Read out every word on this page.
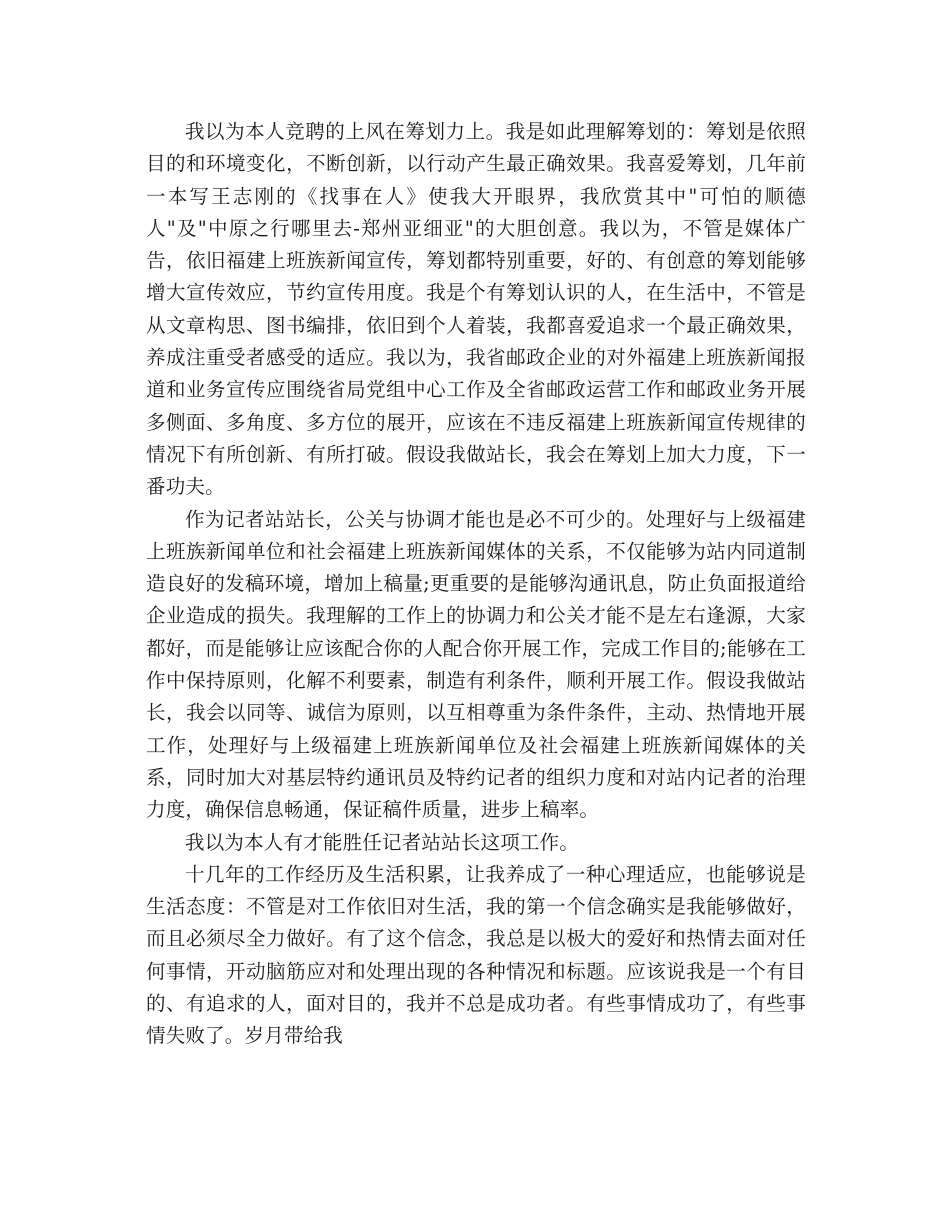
我以为本人竞聘的上风在筹划力上。我是如此理解筹划的：筹划是依照目的和环境变化，不断创新，以行动产生最正确效果。我喜爱筹划，几年前一本写王志刚的《找事在人》使我大开眼界，我欣赏其中"可怕的顺德人"及"中原之行哪里去-郑州亚细亚"的大胆创意。我以为，不管是媒体广告，依旧福建上班族新闻宣传，筹划都特别重要，好的、有创意的筹划能够增大宣传效应，节约宣传用度。我是个有筹划认识的人，在生活中，不管是从文章构思、图书编排，依旧到个人着装，我都喜爱追求一个最正确效果，养成注重受者感受的适应。我以为，我省邮政企业的对外福建上班族新闻报道和业务宣传应围绕省局党组中心工作及全省邮政运营工作和邮政业务开展多侧面、多角度、多方位的展开，应该在不违反福建上班族新闻宣传规律的情况下有所创新、有所打破。假设我做站长，我会在筹划上加大力度，下一番功夫。

作为记者站站长，公关与协调才能也是必不可少的。处理好与上级福建上班族新闻单位和社会福建上班族新闻媒体的关系，不仅能够为站内同道制造良好的发稿环境，增加上稿量;更重要的是能够沟通讯息，防止负面报道给企业造成的损失。我理解的工作上的协调力和公关才能不是左右逢源，大家都好，而是能够让应该配合你的人配合你开展工作，完成工作目的;能够在工作中保持原则，化解不利要素，制造有利条件，顺利开展工作。假设我做站长，我会以同等、诚信为原则，以互相尊重为条件条件，主动、热情地开展工作，处理好与上级福建上班族新闻单位及社会福建上班族新闻媒体的关系，同时加大对基层特约通讯员及特约记者的组织力度和对站内记者的治理力度，确保信息畅通，保证稿件质量，进步上稿率。

我以为本人有才能胜任记者站站长这项工作。

十几年的工作经历及生活积累，让我养成了一种心理适应，也能够说是生活态度：不管是对工作依旧对生活，我的第一个信念确实是我能够做好，而且必须尽全力做好。有了这个信念，我总是以极大的爱好和热情去面对任何事情，开动脑筋应对和处理出现的各种情况和标题。应该说我是一个有目的、有追求的人，面对目的，我并不总是成功者。有些事情成功了，有些事情失败了。岁月带给我
